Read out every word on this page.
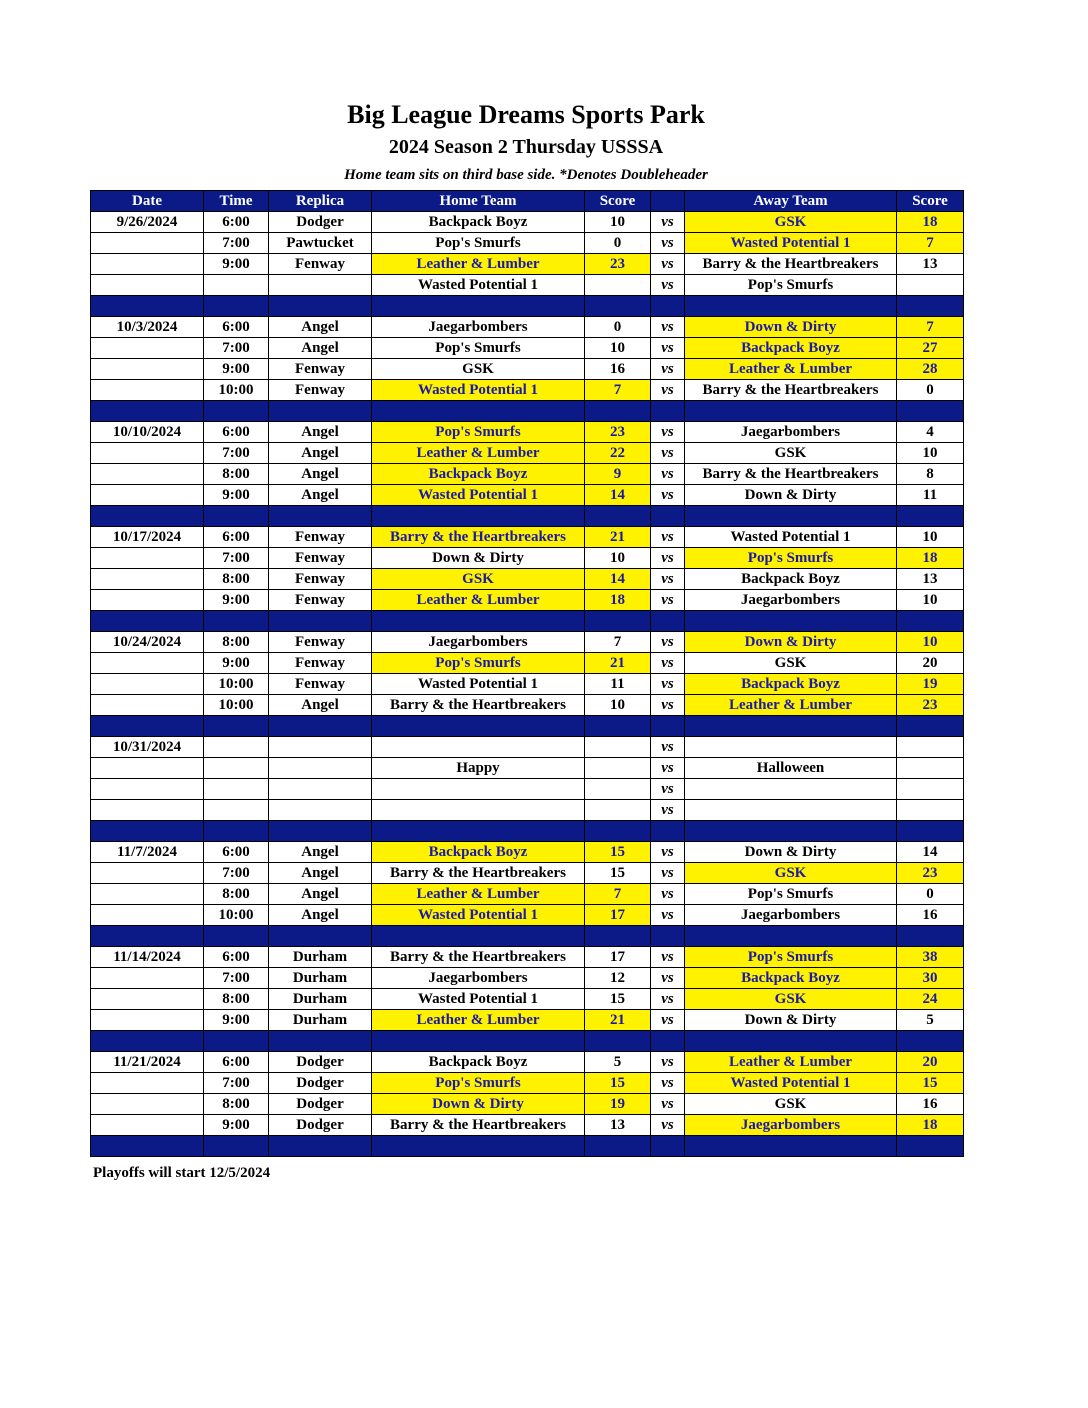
Big League Dreams Sports Park
2024 Season 2 Thursday USSSA
Home team sits on third base side. *Denotes Doubleheader
Date	Time	Replica	Home Team	Score		Away Team	Score
9/26/2024	6:00	Dodger	Backpack Boyz	10	vs	GSK	18
	7:00	Pawtucket	Pop's Smurfs	0	vs	Wasted Potential 1	7
	9:00	Fenway	Leather & Lumber	23	vs	Barry & the Heartbreakers	13
			Wasted Potential 1		vs	Pop's Smurfs	

10/3/2024	6:00	Angel	Jaegarbombers	0	vs	Down & Dirty	7
	7:00	Angel	Pop's Smurfs	10	vs	Backpack Boyz	27
	9:00	Fenway	GSK	16	vs	Leather & Lumber	28
	10:00	Fenway	Wasted Potential 1	7	vs	Barry & the Heartbreakers	0

10/10/2024	6:00	Angel	Pop's Smurfs	23	vs	Jaegarbombers	4
	7:00	Angel	Leather & Lumber	22	vs	GSK	10
	8:00	Angel	Backpack Boyz	9	vs	Barry & the Heartbreakers	8
	9:00	Angel	Wasted Potential 1	14	vs	Down & Dirty	11

10/17/2024	6:00	Fenway	Barry & the Heartbreakers	21	vs	Wasted Potential 1	10
	7:00	Fenway	Down & Dirty	10	vs	Pop's Smurfs	18
	8:00	Fenway	GSK	14	vs	Backpack Boyz	13
	9:00	Fenway	Leather & Lumber	18	vs	Jaegarbombers	10

10/24/2024	8:00	Fenway	Jaegarbombers	7	vs	Down & Dirty	10
	9:00	Fenway	Pop's Smurfs	21	vs	GSK	20
	10:00	Fenway	Wasted Potential 1	11	vs	Backpack Boyz	19
	10:00	Angel	Barry & the Heartbreakers	10	vs	Leather & Lumber	23

10/31/2024					vs		
			Happy		vs	Halloween	
					vs		
					vs		

11/7/2024	6:00	Angel	Backpack Boyz	15	vs	Down & Dirty	14
	7:00	Angel	Barry & the Heartbreakers	15	vs	GSK	23
	8:00	Angel	Leather & Lumber	7	vs	Pop's Smurfs	0
	10:00	Angel	Wasted Potential 1	17	vs	Jaegarbombers	16

11/14/2024	6:00	Durham	Barry & the Heartbreakers	17	vs	Pop's Smurfs	38
	7:00	Durham	Jaegarbombers	12	vs	Backpack Boyz	30
	8:00	Durham	Wasted Potential 1	15	vs	GSK	24
	9:00	Durham	Leather & Lumber	21	vs	Down & Dirty	5

11/21/2024	6:00	Dodger	Backpack Boyz	5	vs	Leather & Lumber	20
	7:00	Dodger	Pop's Smurfs	15	vs	Wasted Potential 1	15
	8:00	Dodger	Down & Dirty	19	vs	GSK	16
	9:00	Dodger	Barry & the Heartbreakers	13	vs	Jaegarbombers	18

Playoffs will start 12/5/2024
